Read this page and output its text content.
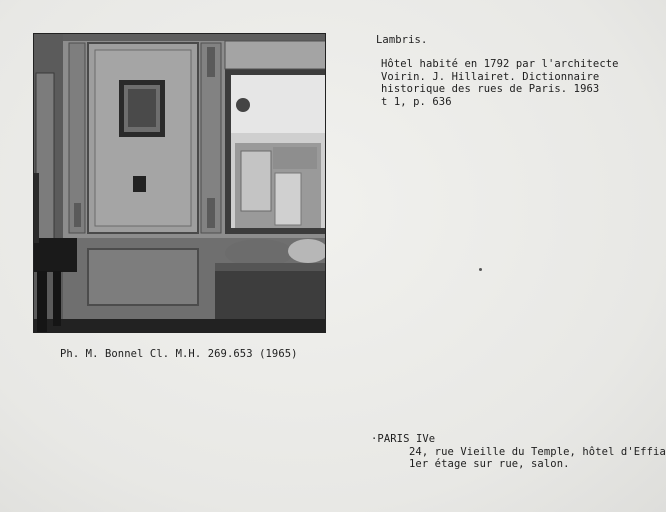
Lambris.
Hôtel habité en 1792 par l'architecte
Voirin. J. Hillairet. Dictionnaire
historique des rues de Paris. 1963
t 1, p. 636
Ph. M. Bonnel Cl. M.H. 269.653 (1965)
·PARIS IVe
24, rue Vieille du Temple, hôtel d'Effia
1er étage sur rue, salon.
